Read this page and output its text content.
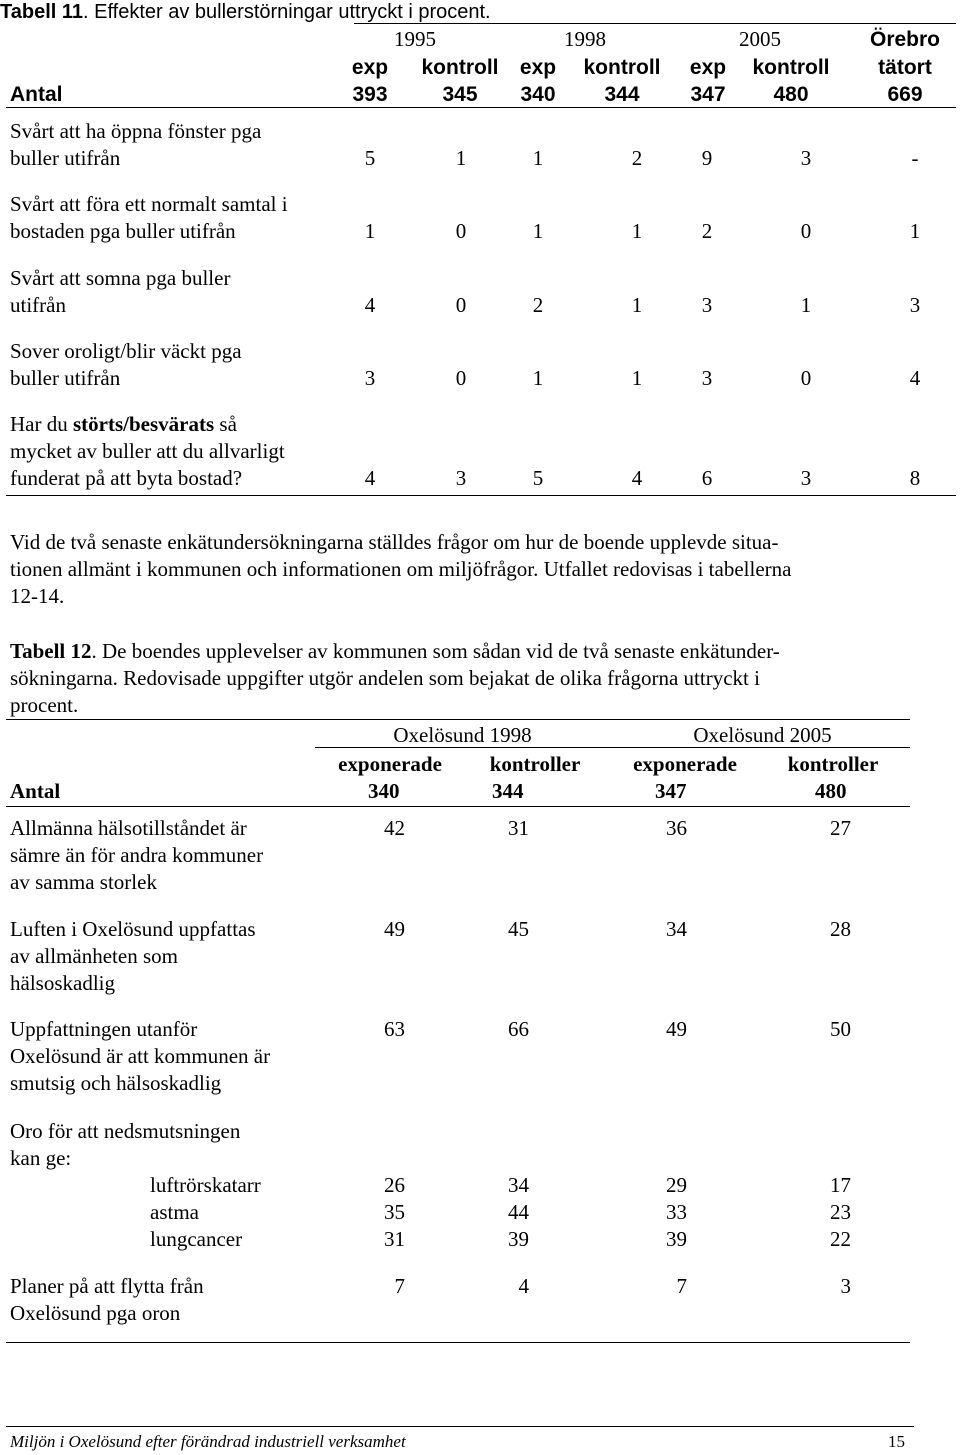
Tabell 11. Effekter av bullerstörningar uttryckt i procent.
1995	1998	2005	Örebro
tätort
exp	kontroll	exp	kontroll	exp	kontroll
Antal	393	345	340	344	347	480	669
Svårt att ha öppna fönster pga
buller utifrån	5	1	1	2	9	3	-
Svårt att föra ett normalt samtal i
bostaden pga buller utifrån	1	0	1	1	2	0	1
Svårt att somna pga buller
utifrån	4	0	2	1	3	1	3
Sover oroligt/blir väckt pga
buller utifrån	3	0	1	1	3	0	4
Har du störts/besvärats så
mycket av buller att du allvarligt
funderat på att byta bostad?	4	3	5	4	6	3	8
Vid de två senaste enkätundersökningarna ställdes frågor om hur de boende upplevde situa-
tionen allmänt i kommunen och informationen om miljöfrågor. Utfallet redovisas i tabellerna
12-14.
Tabell 12. De boendes upplevelser av kommunen som sådan vid de två senaste enkätunder-
sökningarna. Redovisade uppgifter utgör andelen som bejakat de olika frågorna uttryckt i
procent.
Oxelösund 1998	Oxelösund 2005
exponerade	kontroller	exponerade	kontroller
Antal	340	344	347	480
Allmänna hälsotillståndet är
sämre än för andra kommuner
av samma storlek
42	31	36	27
Luften i Oxelösund uppfattas
av allmänheten som
hälsoskadlig
49	45	34	28
Uppfattningen utanför
Oxelösund är att kommunen är
smutsig och hälsoskadlig
63	66	49	50
Oro för att nedsmutsningen
kan ge:
luftrörskatarr	26	34	29	17
astma	35	44	33	23
lungcancer	31	39	39	22
Planer på att flytta från
Oxelösund pga oron
7	4	7	3
Miljön i Oxelösund efter förändrad industriell verksamhet	15
